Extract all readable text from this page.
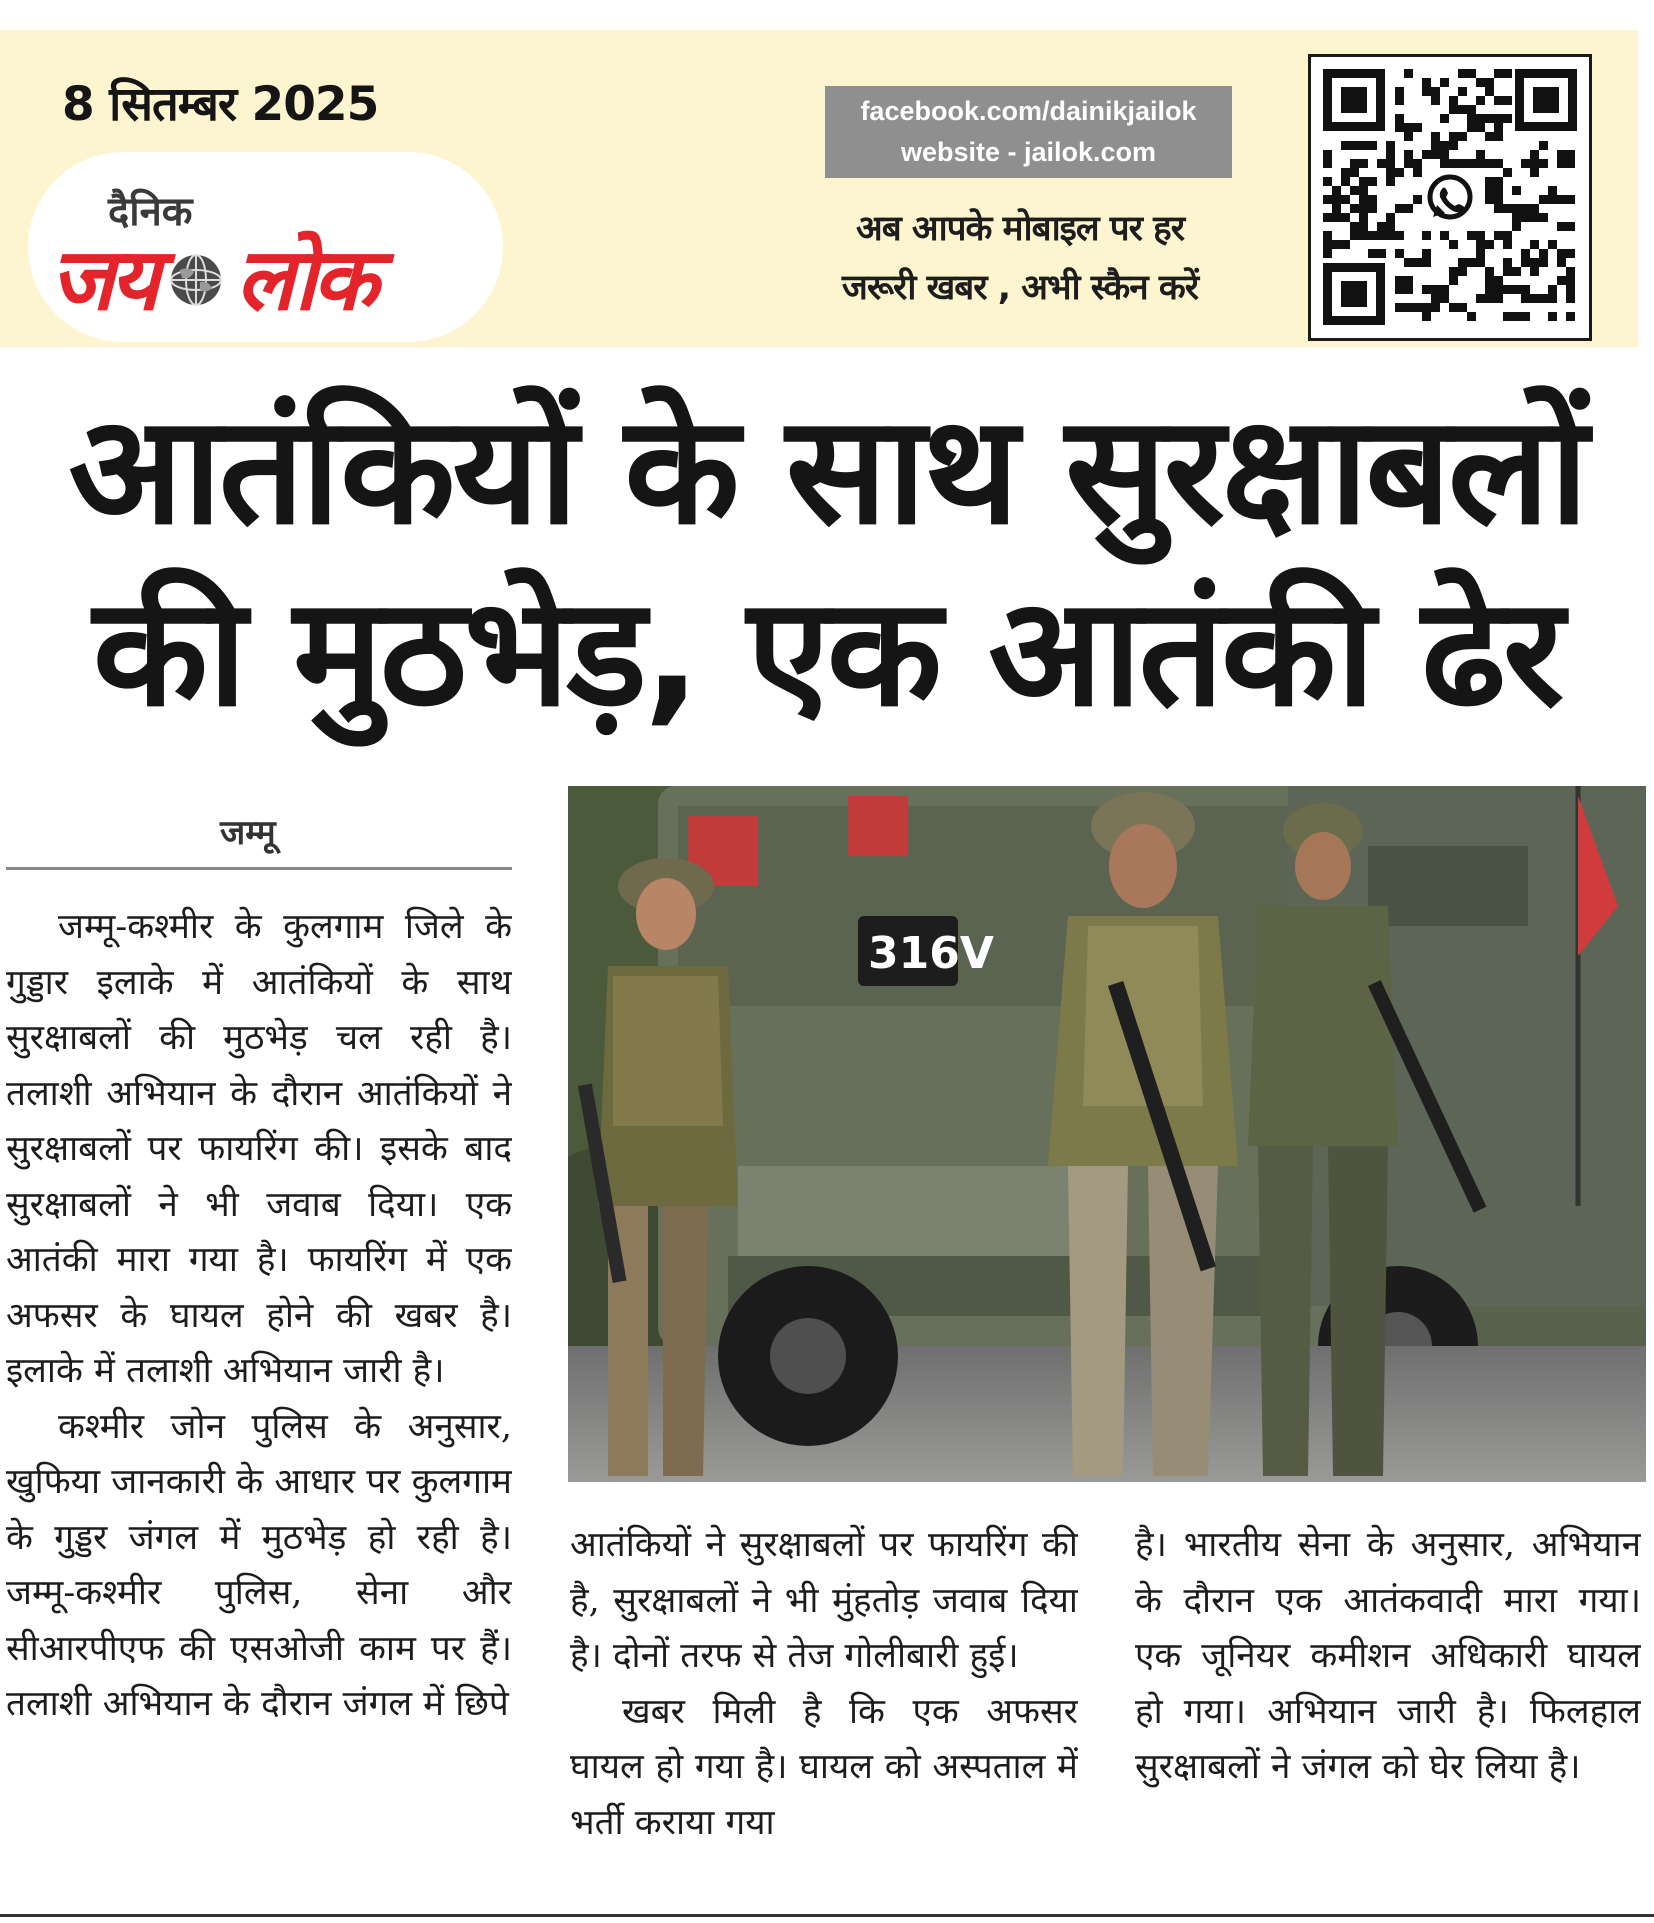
8 सितम्बर 2025
दैनिक
जय लोक
facebook.com/dainikjailok
website - jailok.com
अब आपके मोबाइल पर हर
जरूरी खबर , अभी स्कैन करें
आतंकियों के साथ सुरक्षाबलों
की मुठभेड़, एक आतंकी ढेर
जम्मू

जम्मू-कश्मीर के कुलगाम जिले के गुड्डार इलाके में आतंकियों के साथ सुरक्षाबलों की मुठभेड़ चल रही है। तलाशी अभियान के दौरान आतंकियों ने सुरक्षाबलों पर फायरिंग की। इसके बाद सुरक्षाबलों ने भी जवाब दिया। एक आतंकी मारा गया है। फायरिंग में एक अफसर के घायल होने की खबर है। इलाके में तलाशी अभियान जारी है।

कश्मीर जोन पुलिस के अनुसार, खुफिया जानकारी के आधार पर कुलगाम के गुड्डर जंगल में मुठभेड़ हो रही है। जम्मू-कश्मीर पुलिस, सेना और सीआरपीएफ की एसओजी काम पर हैं। तलाशी अभियान के दौरान जंगल में छिपे

316V

आतंकियों ने सुरक्षाबलों पर फायरिंग की है, सुरक्षाबलों ने भी मुंहतोड़ जवाब दिया है। दोनों तरफ से तेज गोलीबारी हुई।

खबर मिली है कि एक अफसर घायल हो गया है। घायल को अस्पताल में भर्ती कराया गया

है। भारतीय सेना के अनुसार, अभियान के दौरान एक आतंकवादी मारा गया। एक जूनियर कमीशन अधिकारी घायल हो गया। अभियान जारी है। फिलहाल सुरक्षाबलों ने जंगल को घेर लिया है।
